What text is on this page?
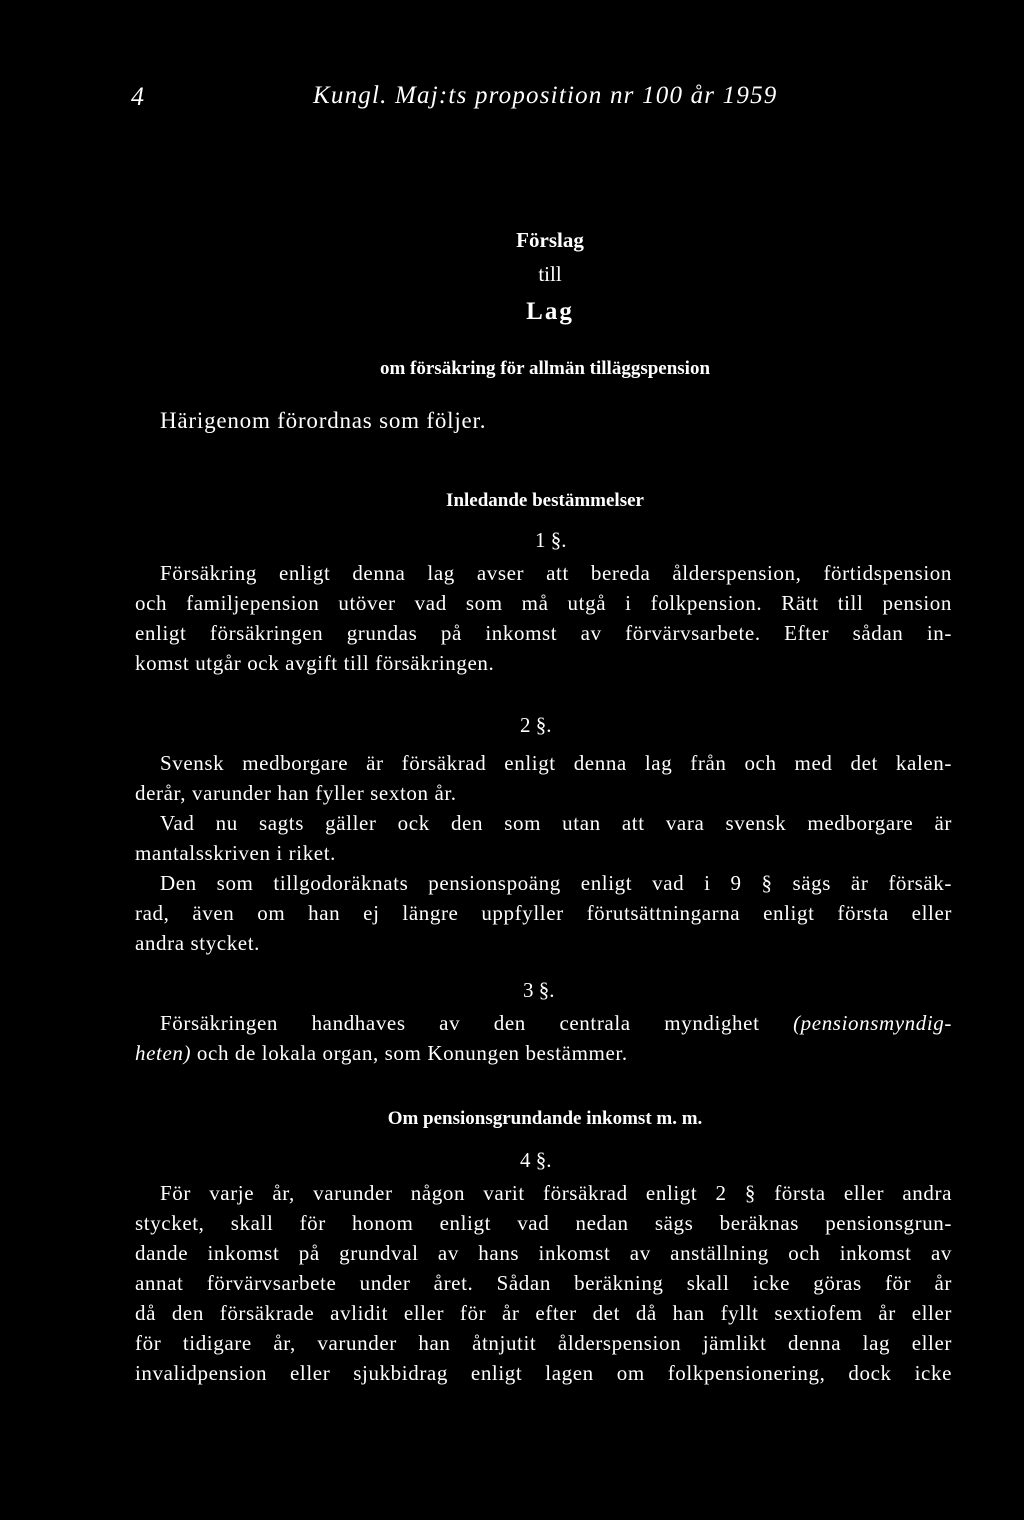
4	Kungl. Maj:ts proposition nr 100 år 1959
Förslag
till
Lag
om försäkring för allmän tilläggspension
Härigenom förordnas som följer.
Inledande bestämmelser
1 §.
Försäkring enligt denna lag avser att bereda ålderspension, förtidspension
och familjepension utöver vad som må utgå i folkpension. Rätt till pension
enligt försäkringen grundas på inkomst av förvärvsarbete. Efter sådan in-
komst utgår ock avgift till försäkringen.
2 §.
Svensk medborgare är försäkrad enligt denna lag från och med det kalen-
derår, varunder han fyller sexton år.
Vad nu sagts gäller ock den som utan att vara svensk medborgare är
mantalsskriven i riket.
Den som tillgodoräknats pensionspoäng enligt vad i 9 § sägs är försäk-
rad, även om han ej längre uppfyller förutsättningarna enligt första eller
andra stycket.
3 §.
Försäkringen handhaves av den centrala myndighet (pensionsmyndig-
heten) och de lokala organ, som Konungen bestämmer.
Om pensionsgrundande inkomst m. m.
4 §.
För varje år, varunder någon varit försäkrad enligt 2 § första eller andra
stycket, skall för honom enligt vad nedan sägs beräknas pensionsgrun-
dande inkomst på grundval av hans inkomst av anställning och inkomst av
annat förvärvsarbete under året. Sådan beräkning skall icke göras för år
då den försäkrade avlidit eller för år efter det då han fyllt sextiofem år eller
för tidigare år, varunder han åtnjutit ålderspension jämlikt denna lag eller
invalidpension eller sjukbidrag enligt lagen om folkpensionering, dock icke
